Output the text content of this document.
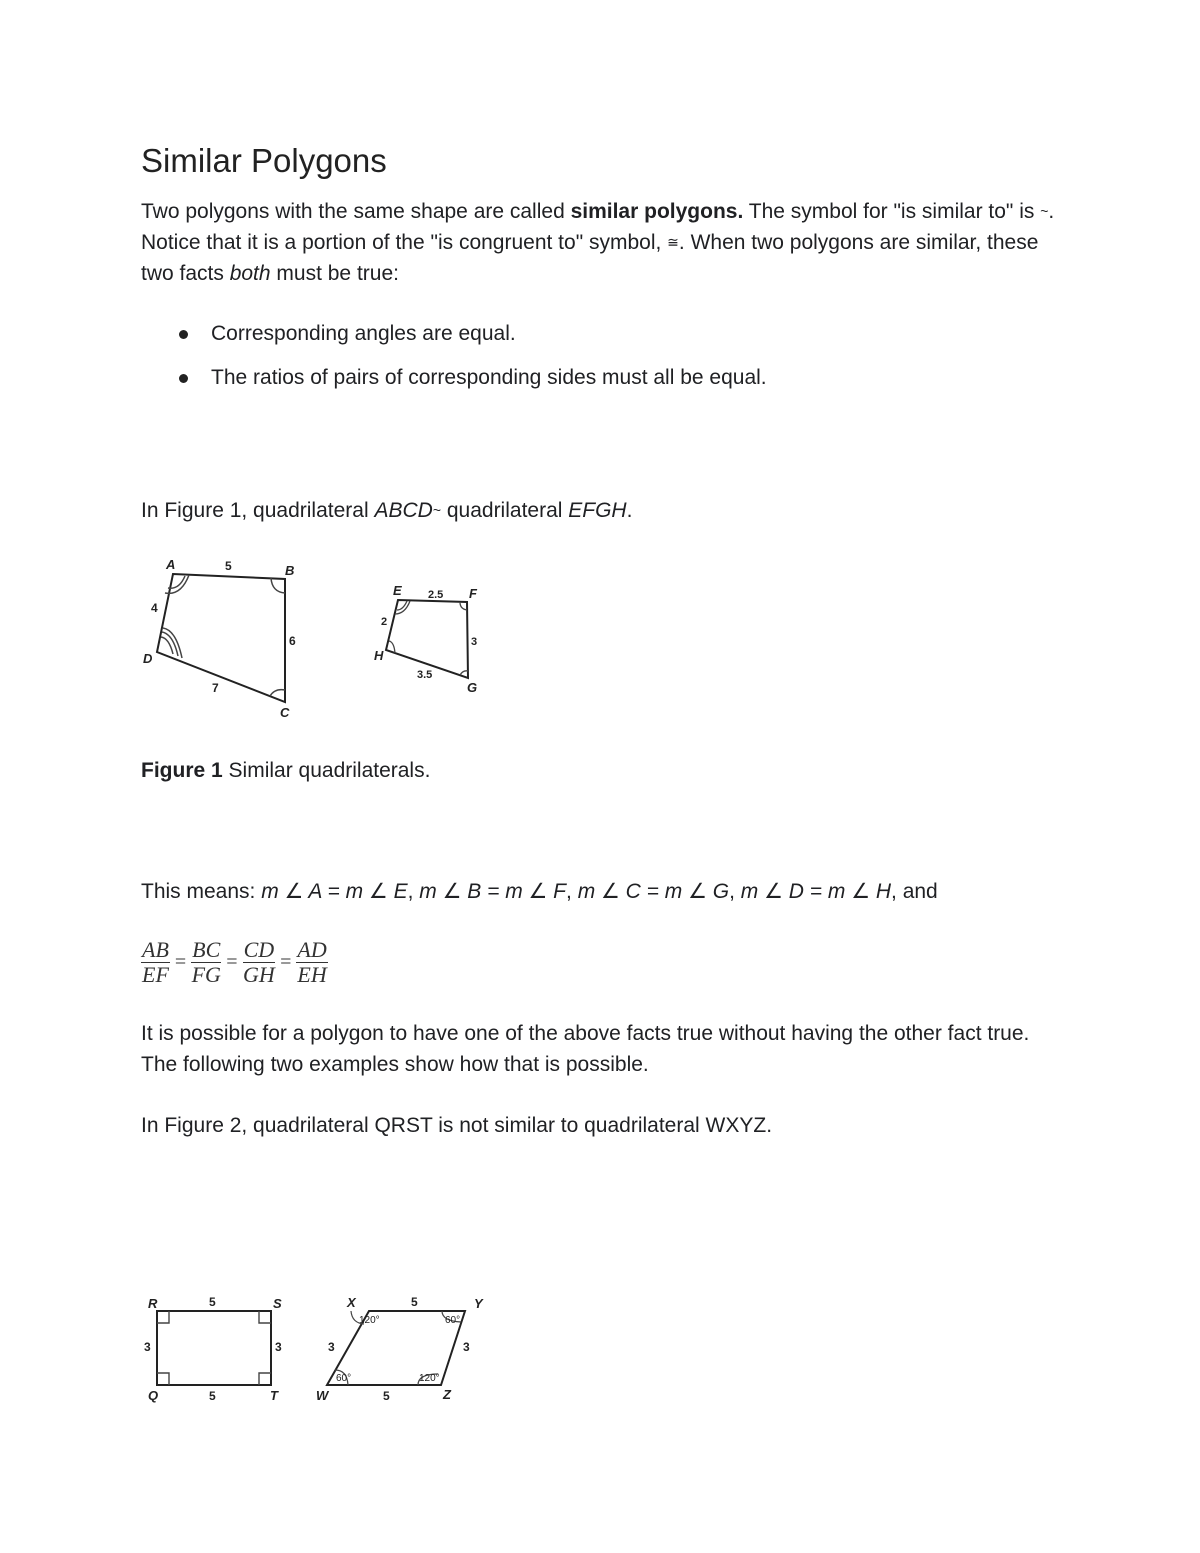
Similar Polygons

Two polygons with the same shape are called similar polygons. The symbol for "is similar to" is ~. Notice that it is a portion of the "is congruent to" symbol, ≅. When two polygons are similar, these two facts both must be true:

Corresponding angles are equal.
The ratios of pairs of corresponding sides must all be equal.

In Figure 1, quadrilateral ABCD~ quadrilateral EFGH.

A	B
C
D
5
6
7
4
E	F
G
H
2.5
3
3.5
2

Figure 1 Similar quadrilaterals.

This means: m ∠ A = m ∠ E, m ∠ B = m ∠ F, m ∠ C = m ∠ G, m ∠ D = m ∠ H, and

$\frac{AB}{EF} = \frac{BC}{FG} = \frac{CD}{GH} = \frac{AD}{EH}$

It is possible for a polygon to have one of the above facts true without having the other fact true. The following two examples show how that is possible.

In Figure 2, quadrilateral QRST is not similar to quadrilateral WXYZ.

R	S
T
Q
5
3
5
3
X	Y
Z
W
5
3
5
3
120°	60°
120°
60°
